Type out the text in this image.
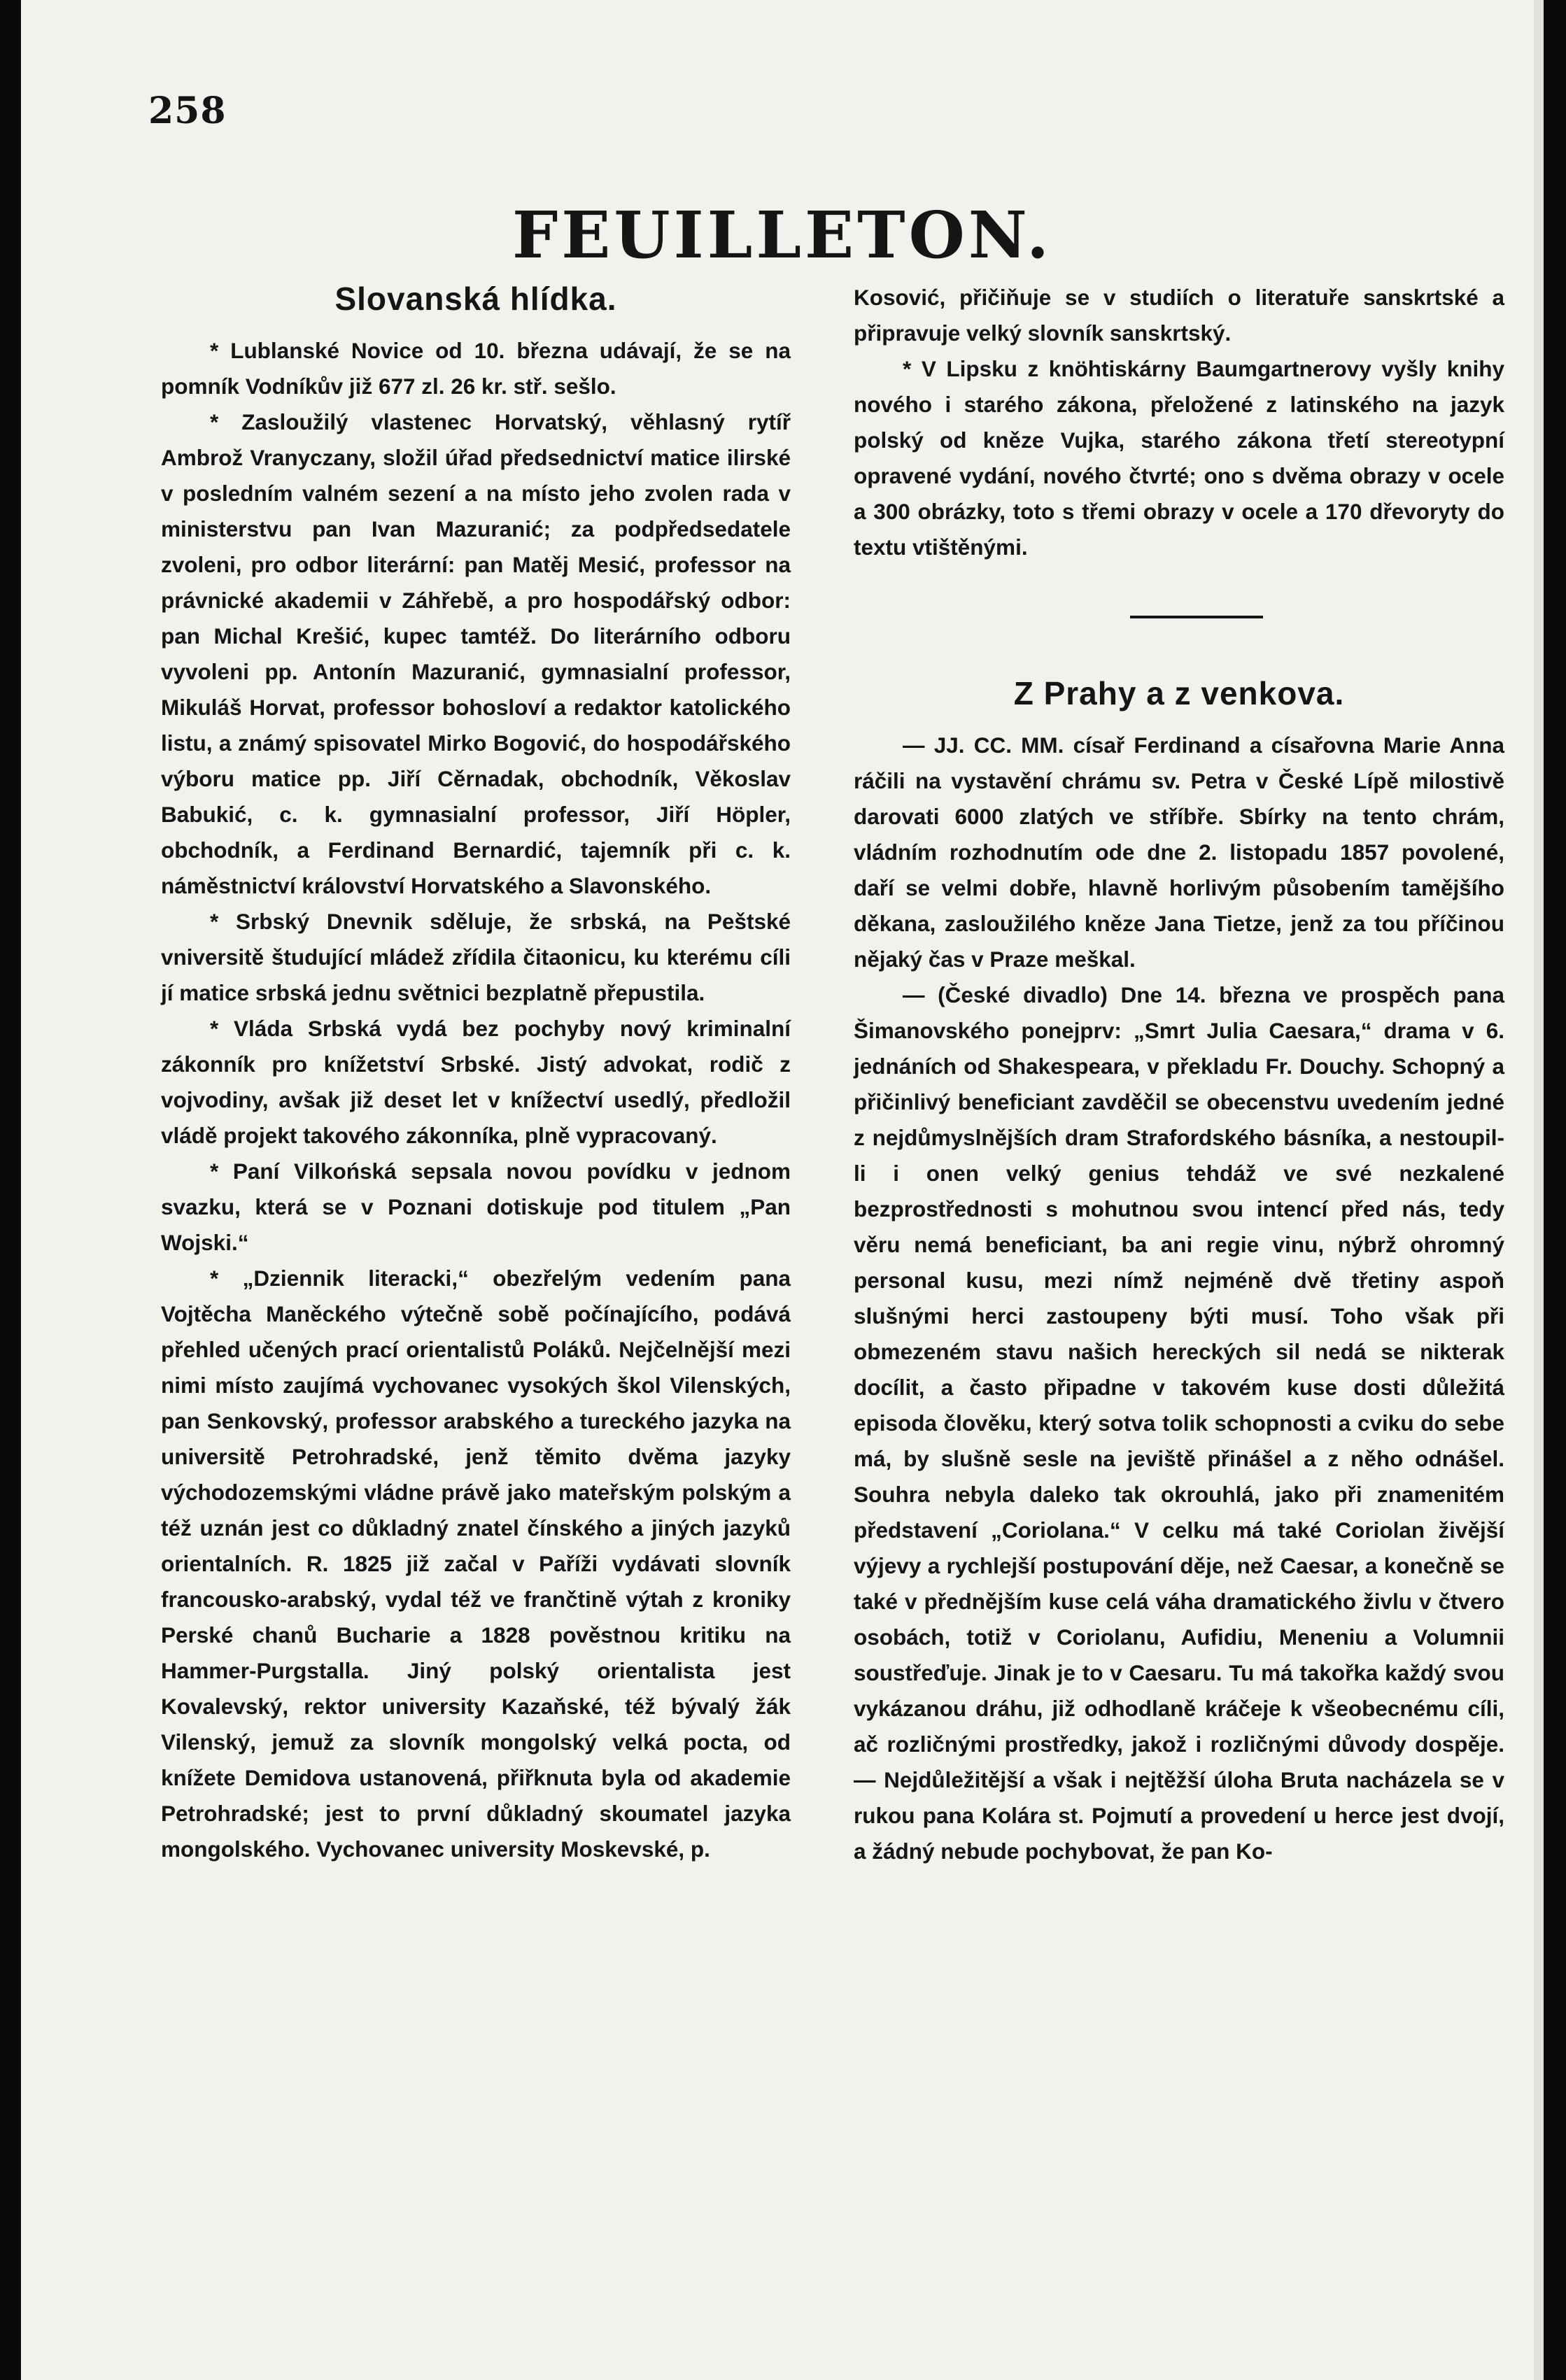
258
FEUILLETON.
Slovanská hlídka.

* Lublanské Novice od 10. března udávají, že se na pomník Vodníkův již 677 zl. 26 kr. stř. sešlo.

* Zasloužilý vlastenec Horvatský, věhlasný rytíř Ambrož Vranyczany, složil úřad předsednictví matice ilirské v posledním valném sezení a na místo jeho zvolen rada v ministerstvu pan Ivan Mazuranić; za podpředsedatele zvoleni, pro odbor literární: pan Matěj Mesić, professor na právnické akademii v Záhřebě, a pro hospodářský odbor: pan Michal Krešić, kupec tamtéž. Do literárního odboru vyvoleni pp. Antonín Mazuranić, gymnasialní professor, Mikuláš Horvat, professor bohosloví a redaktor katolického listu, a známý spisovatel Mirko Bogović, do hospodářského výboru matice pp. Jiří Cěrnadak, obchodník, Věkoslav Babukić, c. k. gymnasialní professor, Jiří Höpler, obchodník, a Ferdinand Bernardić, tajemník při c. k. náměstnictví království Horvatského a Slavonského.

* Srbský Dnevnik sděluje, že srbská, na Peštské vniversitě študující mládež zřídila čitaonicu, ku kterému cíli jí matice srbská jednu světnici bezplatně přepustila.

* Vláda Srbská vydá bez pochyby nový kriminalní zákonník pro knížetství Srbské. Jistý advokat, rodič z vojvodiny, avšak již deset let v knížectví usedlý, předložil vládě projekt takového zákonníka, plně vypracovaný.

* Paní Vilkońská sepsala novou povídku v jednom svazku, která se v Poznani dotiskuje pod titulem „Pan Wojski.“

* „Dziennik literacki,“ obezřelým vedením pana Vojtěcha Maněckého výtečně sobě počínajícího, podává přehled učených prací orientalistů Poláků. Nejčelnější mezi nimi místo zaujímá vychovanec vysokých škol Vilenských, pan Senkovský, professor arabského a tureckého jazyka na universitě Petrohradské, jenž těmito dvěma jazyky východozemskými vládne právě jako mateřským polským a též uznán jest co důkladný znatel čínského a jiných jazyků orientalních. R. 1825 již začal v Paříži vydávati slovník francousko-arabský, vydal též ve frančtině výtah z kroniky Perské chanů Bucharie a 1828 pověstnou kritiku na Hammer-Purgstalla. Jiný polský orientalista jest Kovalevský, rektor university Kazaňské, též bývalý žák Vilenský, jemuž za slovník mongolský velká pocta, od knížete Demidova ustanovená, přiřknuta byla od akademie Petrohradské; jest to první důkladný skoumatel jazyka mongolského. Vychovanec university Moskevské, p.

Kosović, přičiňuje se v studiích o literatuře sanskrtské a připravuje velký slovník sanskrtský.

* V Lipsku z knöhtiskárny Baumgartnerovy vyšly knihy nového i starého zákona, přeložené z latinského na jazyk polský od kněze Vujka, starého zákona třetí stereotypní opravené vydání, nového čtvrté; ono s dvěma obrazy v ocele a 300 obrázky, toto s třemi obrazy v ocele a 170 dřevoryty do textu vtištěnými.

Z Prahy a z venkova.

— JJ. CC. MM. císař Ferdinand a císařovna Marie Anna ráčili na vystavění chrámu sv. Petra v České Lípě milostivě darovati 6000 zlatých ve stříbře. Sbírky na tento chrám, vládním rozhodnutím ode dne 2. listopadu 1857 povolené, daří se velmi dobře, hlavně horlivým působením tamějšího děkana, zasloužilého kněze Jana Tietze, jenž za tou příčinou nějaký čas v Praze meškal.

— (České divadlo) Dne 14. března ve prospěch pana Šimanovského ponejprv: „Smrt Julia Caesara,“ drama v 6. jednáních od Shakespeara, v překladu Fr. Douchy. Schopný a přičinlivý beneficiant zavděčil se obecenstvu uvedením jedné z nejdůmyslnějších dram Strafordského básníka, a nestoupil-li i onen velký genius tehdáž ve své nezkalené bezprostřednosti s mohutnou svou intencí před nás, tedy věru nemá beneficiant, ba ani regie vinu, nýbrž ohromný personal kusu, mezi nímž nejméně dvě třetiny aspoň slušnými herci zastoupeny býti musí. Toho však při obmezeném stavu našich hereckých sil nedá se nikterak docílit, a často připadne v takovém kuse dosti důležitá episoda člověku, který sotva tolik schopnosti a cviku do sebe má, by slušně sesle na jeviště přinášel a z něho odnášel. Souhra nebyla daleko tak okrouhlá, jako při znamenitém představení „Coriolana.“ V celku má také Coriolan živější výjevy a rychlejší postupování děje, než Caesar, a konečně se také v přednějším kuse celá váha dramatického živlu v čtvero osobách, totiž v Coriolanu, Aufidiu, Meneniu a Volumnii soustřeďuje. Jinak je to v Caesaru. Tu má takořka každý svou vykázanou dráhu, již odhodlaně kráčeje k všeobecnému cíli, ač rozličnými prostředky, jakož i rozličnými důvody dospěje. — Nejdůležitější a však i nejtěžší úloha Bruta nacházela se v rukou pana Kolára st. Pojmutí a provedení u herce jest dvojí, a žádný nebude pochybovat, že pan Ko-
